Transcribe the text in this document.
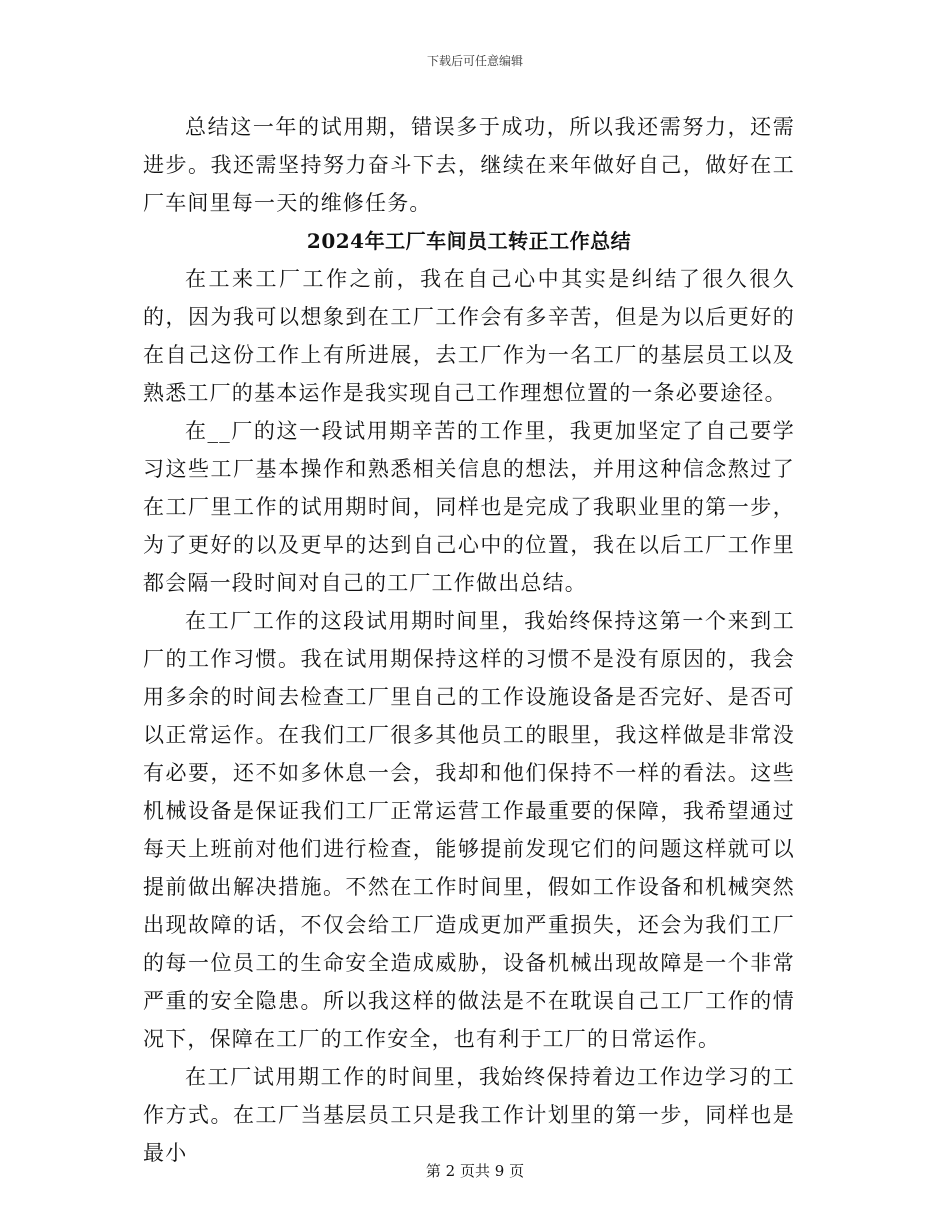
下载后可任意编辑

总结这一年的试用期，错误多于成功，所以我还需努力，还需进步。我还需坚持努力奋斗下去，继续在来年做好自己，做好在工厂车间里每一天的维修任务。

2024年工厂车间员工转正工作总结

在工来工厂工作之前，我在自己心中其实是纠结了很久很久的，因为我可以想象到在工厂工作会有多辛苦，但是为以后更好的在自己这份工作上有所进展，去工厂作为一名工厂的基层员工以及熟悉工厂的基本运作是我实现自己工作理想位置的一条必要途径。

在__厂的这一段试用期辛苦的工作里，我更加坚定了自己要学习这些工厂基本操作和熟悉相关信息的想法，并用这种信念熬过了在工厂里工作的试用期时间，同样也是完成了我职业里的第一步，为了更好的以及更早的达到自己心中的位置，我在以后工厂工作里都会隔一段时间对自己的工厂工作做出总结。

在工厂工作的这段试用期时间里，我始终保持这第一个来到工厂的工作习惯。我在试用期保持这样的习惯不是没有原因的，我会用多余的时间去检查工厂里自己的工作设施设备是否完好、是否可以正常运作。在我们工厂很多其他员工的眼里，我这样做是非常没有必要，还不如多休息一会，我却和他们保持不一样的看法。这些机械设备是保证我们工厂正常运营工作最重要的保障，我希望通过每天上班前对他们进行检查，能够提前发现它们的问题这样就可以提前做出解决措施。不然在工作时间里，假如工作设备和机械突然出现故障的话，不仅会给工厂造成更加严重损失，还会为我们工厂的每一位员工的生命安全造成威胁，设备机械出现故障是一个非常严重的安全隐患。所以我这样的做法是不在耽误自己工厂工作的情况下，保障在工厂的工作安全，也有利于工厂的日常运作。

在工厂试用期工作的时间里，我始终保持着边工作边学习的工作方式。在工厂当基层员工只是我工作计划里的第一步，同样也是最小

第 2 页共 9 页
